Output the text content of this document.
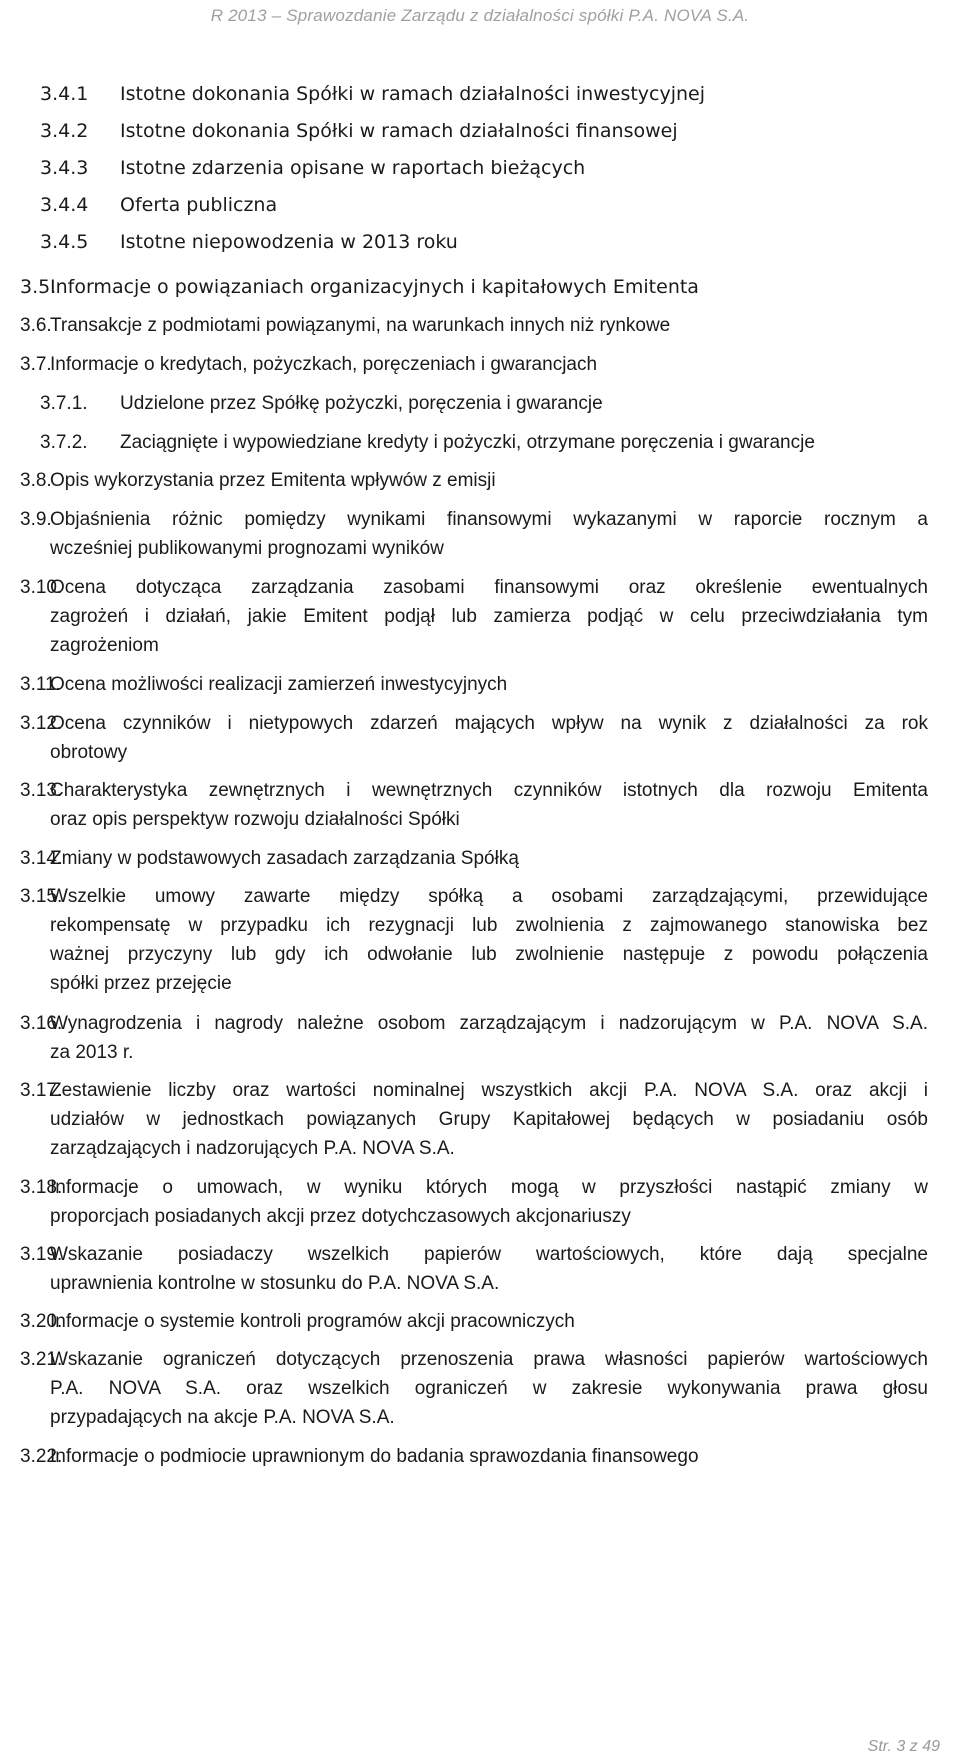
R 2013 – Sprawozdanie Zarządu z działalności spółki P.A. NOVA S.A.
3.4.1 Istotne dokonania Spółki w ramach działalności inwestycyjnej
3.4.2 Istotne dokonania Spółki w ramach działalności finansowej
3.4.3 Istotne zdarzenia opisane w raportach bieżących
3.4.4 Oferta publiczna
3.4.5 Istotne niepowodzenia w 2013 roku
3.5.
Informacje o powiązaniach organizacyjnych i kapitałowych Emitenta
3.6.
Transakcje z podmiotami powiązanymi, na warunkach innych niż rynkowe
3.7.
Informacje o kredytach, pożyczkach, poręczeniach i gwarancjach
3.7.1. Udzielone przez Spółkę pożyczki, poręczenia i gwarancje
3.7.2. Zaciągnięte i wypowiedziane kredyty i pożyczki, otrzymane poręczenia i gwarancje
3.8.
Opis wykorzystania przez Emitenta wpływów z emisji
3.9.
Objaśnienia różnic pomiędzy wynikami finansowymi wykazanymi w raporcie rocznym a
wcześniej publikowanymi prognozami wyników
3.10.
Ocena dotycząca zarządzania zasobami finansowymi oraz określenie ewentualnych
zagrożeń i działań, jakie Emitent podjął lub zamierza podjąć w celu przeciwdziałania tym
zagrożeniom
3.11.
Ocena możliwości realizacji zamierzeń inwestycyjnych
3.12.
Ocena czynników i nietypowych zdarzeń mających wpływ na wynik z działalności za rok
obrotowy
3.13.
Charakterystyka zewnętrznych i wewnętrznych czynników istotnych dla rozwoju Emitenta
oraz opis perspektyw rozwoju działalności Spółki
3.14.
Zmiany w podstawowych zasadach zarządzania Spółką
3.15.
Wszelkie umowy zawarte między spółką a osobami zarządzającymi, przewidujące
rekompensatę w przypadku ich rezygnacji lub zwolnienia z zajmowanego stanowiska bez
ważnej przyczyny lub gdy ich odwołanie lub zwolnienie następuje z powodu połączenia
spółki przez przejęcie
3.16.
Wynagrodzenia i nagrody należne osobom zarządzającym i nadzorującym w P.A. NOVA S.A.
za 2013 r.
3.17.
Zestawienie liczby oraz wartości nominalnej wszystkich akcji P.A. NOVA S.A. oraz akcji i
udziałów w jednostkach powiązanych Grupy Kapitałowej będących w posiadaniu osób
zarządzających i nadzorujących P.A. NOVA S.A.
3.18.
Informacje o umowach, w wyniku których mogą w przyszłości nastąpić zmiany w
proporcjach posiadanych akcji przez dotychczasowych akcjonariuszy
3.19.
Wskazanie posiadaczy wszelkich papierów wartościowych, które dają specjalne
uprawnienia kontrolne w stosunku do P.A. NOVA S.A.
3.20.
Informacje o systemie kontroli programów akcji pracowniczych
3.21.
Wskazanie ograniczeń dotyczących przenoszenia prawa własności papierów wartościowych
P.A. NOVA S.A. oraz wszelkich ograniczeń w zakresie wykonywania prawa głosu
przypadających na akcje P.A. NOVA S.A.
3.22.
Informacje o podmiocie uprawnionym do badania sprawozdania finansowego
Str. 3 z 49
